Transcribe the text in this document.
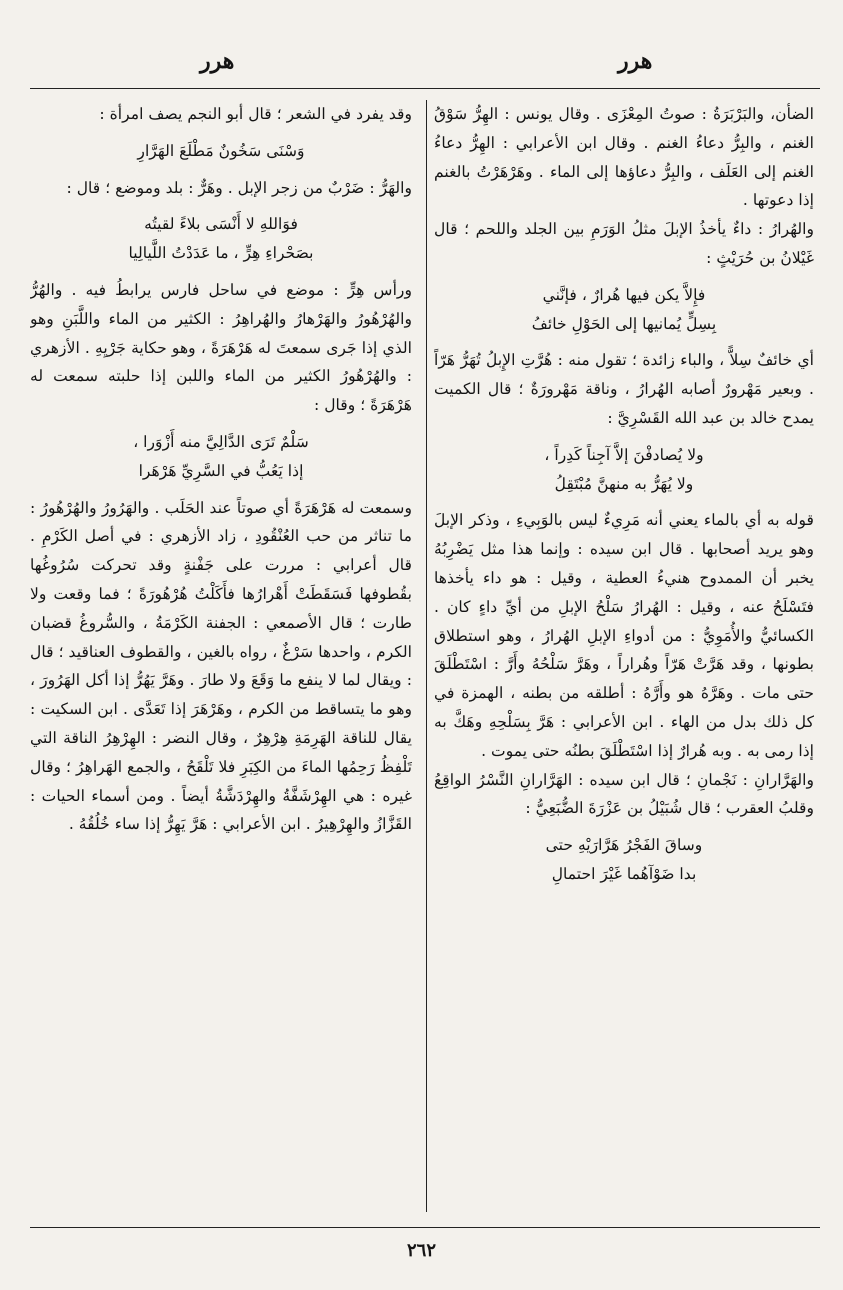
هرر
هرر

الضأن، والبَرْبَرَةُ : صوتُ المِعْزَى . وقال يونس : الهِرُّ سَوْقُ الغنم ، والبِرُّ دعاءُ الغنم . وقال ابن الأعرابي : الهِرُّ دعاءُ الغنم إلى العَلَف ، والبِرُّ دعاؤها إلى الماء . وهَرْهَرْتُ بالغنم إذا دعوتها .

والهُرارُ : داءٌ يأخذُ الإبلَ مثلُ الوَرَمِ بين الجلد واللحم ؛ قال غَيْلانُ بن حُرَيْثٍ :

فإِلاَّ يكن فيها هُرارٌ ، فإنَّني

بِسِلٍّ يُمانيها إلى الحَوْلِ خائفُ

أي خائفٌ سِلاًّ ، والباء زائدة ؛ تقول منه : هُرَّتِ الإِبلُ تُهَرُّ هَرّاً . وبعير مَهْرورٌ أصابه الهُرارُ ، وناقة مَهْرورَةٌ ؛ قال الكميت يمدح خالد بن عبد الله القَسْرِيَّ :

ولا يُصادفْنَ إلاَّ آجِناً كَدِراً ،

ولا يُهَرُّ به منهنَّ مُبْتَقِلُ

قوله به أي بالماء يعني أنه مَرِيءٌ ليس بالوَبِيءِ ، وذكر الإبلَ وهو يريد أصحابها . قال ابن سيده : وإنما هذا مثل يَضْرِبُهُ يخبر أن الممدوح هنيءُ العطية ، وقيل : هو داء يأخذها فتَسْلَحُ عنه ، وقيل : الهُرارُ سَلْحُ الإبلِ من أيِّ داءٍ كان . الكسائيُّ والأُمَوِيُّ : من أدواءِ الإبلِ الهُرارُ ، وهو استطلاق بطونها ، وقد هَرَّتْ هَرّاً وهُراراً ، وهَرَّ سَلْحُهُ وأَرَّ : اسْتَطْلَقَ حتى مات . وهَرَّهُ هو وأَرَّهُ : أطلقه من بطنه ، الهمزة في كل ذلك بدل من الهاء . ابن الأعرابي : هَرَّ بِسَلْحِهِ وهَكَّ به إذا رمى به . وبه هُرارٌ إذا اسْتَطْلَقَ بطنُه حتى يموت .

والهَرَّارانِ : نَجْمانِ ؛ قال ابن سيده : الهَرَّارانِ النَّسْرُ الواقِعُ وقلبُ العقرب ؛ قال شُبَيْلُ بن عَزْرَةَ الضُّبَعِيُّ :

وساقَ الفَجْرُ هَرَّارَيْهِ حتى

بدا ضَوْآهُما غَيْرَ احتمالِ

وقد يفرد في الشعر ؛ قال أبو النجم يصف امرأة :

وَسْنَى سَخُونٌ مَطْلَعَ الهَرَّارِ

والهَرُّ : ضَرْبٌ من زجر الإبل . وهَرٌّ : بلد وموضع ؛ قال :

فوَاللهِ لا أَنْسَى بلاءً لقيتُه

بصَحْراءِ هِرٍّ ، ما عَدَدْتُ اللَّيالِيا

ورأس هِرٍّ : موضع في ساحل فارس يرابطُ فيه . والهُرُّ والهُرْهُورُ والهَرْهارُ والهُراهِرُ : الكثير من الماء واللَّبَنِ وهو الذي إذا جَرى سمعتَ له هَرْهَرَةً ، وهو حكاية جَرْيِهِ . الأزهري : والهُرْهُورُ الكثير من الماء واللبن إذا حلبته سمعت له هَرْهَرَةً ؛ وقال :

سَلْمٌ تَرَى الدَّالِيَّ منه أَزْوَرا ،

إذا يَعُبُّ في السَّرِيِّ هَرْهَرا

وسمعت له هَرْهَرَةً أي صوتاً عند الحَلَب . والهَرُورُ والهُرْهُورُ : ما تناثر من حب العُنْقُودِ ، زاد الأزهري : في أصل الكَرْمِ . قال أعرابي : مررت على جَفْنةٍ وقد تحركت سُرُوغُها بقُطوفها فَسَقَطَتْ أَهْرارُها فأَكَلْتُ هُرْهُورَةً ؛ فما وقعت ولا طارت ؛ قال الأصمعي : الجفنة الكَرْمَةُ ، والسُّروغُ قضبان الكرم ، واحدها سَرْغٌ ، رواه بالغين ، والقطوف العناقيد ؛ قال : ويقال لما لا ينفع ما وَقَعَ ولا طارَ . وهَرَّ يَهُرُّ إذا أكل الهَرُورَ ، وهو ما يتساقط من الكرم ، وهَرْهَرَ إذا تَعَدَّى . ابن السكيت : يقال للناقة الهَرِمَةِ هِرْهِرٌ ، وقال النضر : الهِرْهِرُ الناقة التي تَلْفِظُ رَحِمُها الماءَ من الكِبَرِ فلا تَلْقَحُ ، والجمع الهَراهِرُ ؛ وقال غيره : هي الهِرْشَفَّةُ والهِرْدَشَّةُ أيضاً . ومن أسماء الحيات : القَزَّازُ والهِرْهِيرُ . ابن الأعرابي : هَرَّ يَهِرُّ إذا ساء خُلُقُهُ .

٢٦٢
